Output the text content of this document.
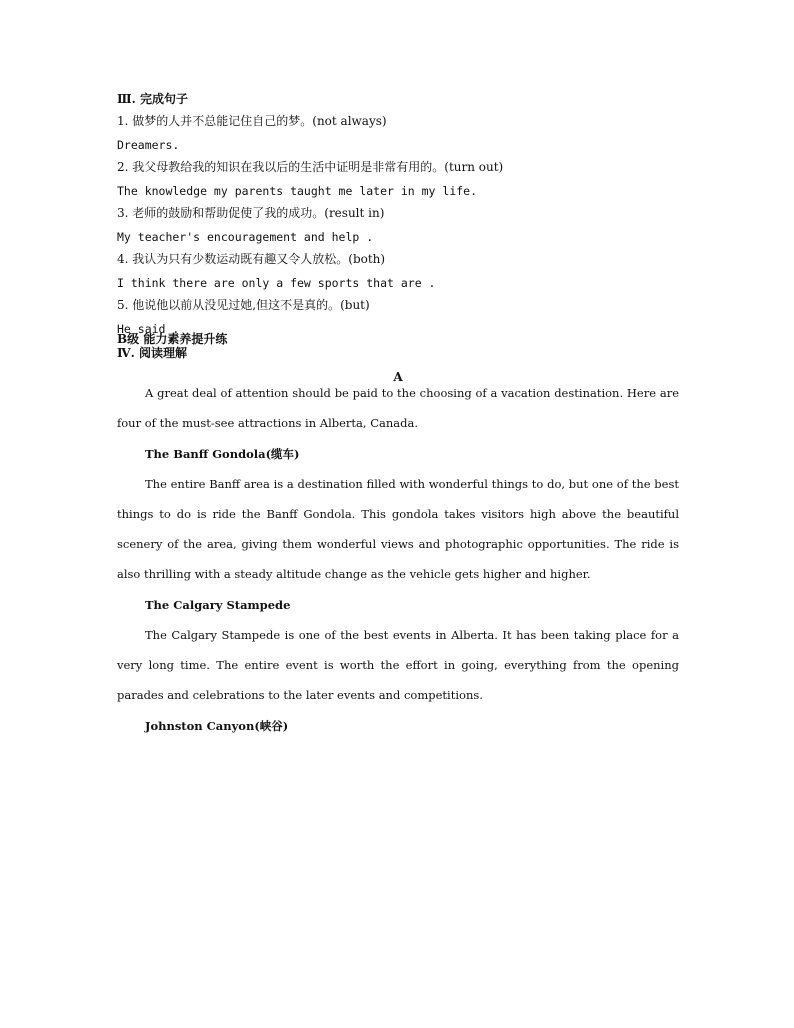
Ⅲ. 完成句子
1. 做梦的人并不总能记住自己的梦。(not always)
Dreamers.
2. 我父母教给我的知识在我以后的生活中证明是非常有用的。(turn out)
The knowledge my parents taught me later in my life.
3. 老师的鼓励和帮助促使了我的成功。(result in)
My teacher's encouragement and help .
4. 我认为只有少数运动既有趣又令人放松。(both)
I think there are only a few sports that are .
5. 他说他以前从没见过她,但这不是真的。(but)
He said .
B级 能力素养提升练
Ⅳ. 阅读理解
A

A great deal of attention should be paid to the choosing of a vacation destination. Here are four of the must-see attractions in Alberta, Canada.

The Banff Gondola(缆车)

The entire Banff area is a destination filled with wonderful things to do, but one of the best things to do is ride the Banff Gondola. This gondola takes visitors high above the beautiful scenery of the area, giving them wonderful views and photographic opportunities. The ride is also thrilling with a steady altitude change as the vehicle gets higher and higher.

The Calgary Stampede

The Calgary Stampede is one of the best events in Alberta. It has been taking place for a very long time. The entire event is worth the effort in going, everything from the opening parades and celebrations to the later events and competitions.

Johnston Canyon(峡谷)
